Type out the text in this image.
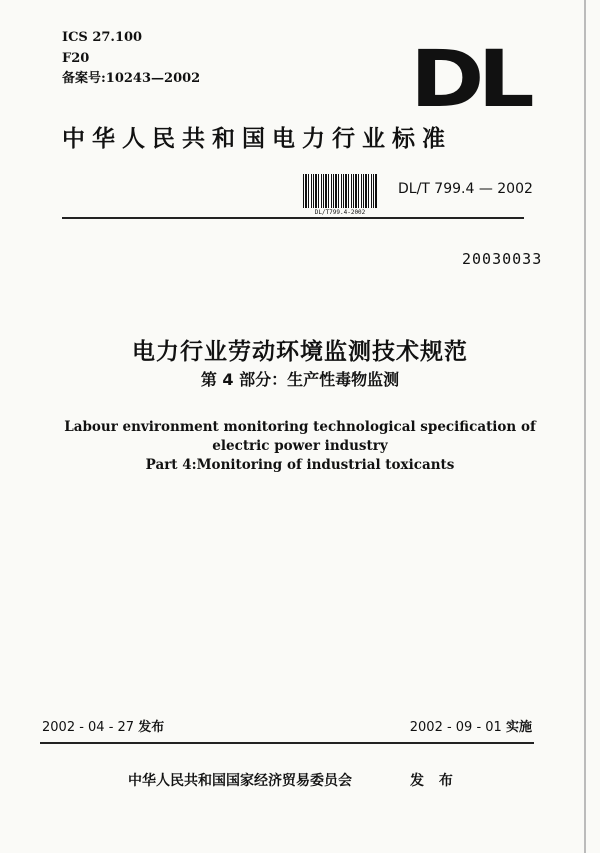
ICS 27.100
F20
备案号:10243—2002	DL
中华人民共和国电力行业标准
DL/T799.4-2002
DL/T 799.4 — 2002
20030033
电力行业劳动环境监测技术规范
第 4 部分：生产性毒物监测
Labour environment monitoring technological specification of
electric power industry
Part 4:Monitoring of industrial toxicants
2002 - 04 - 27 发布	2002 - 09 - 01 实施
中华人民共和国国家经济贸易委员会	发 布
